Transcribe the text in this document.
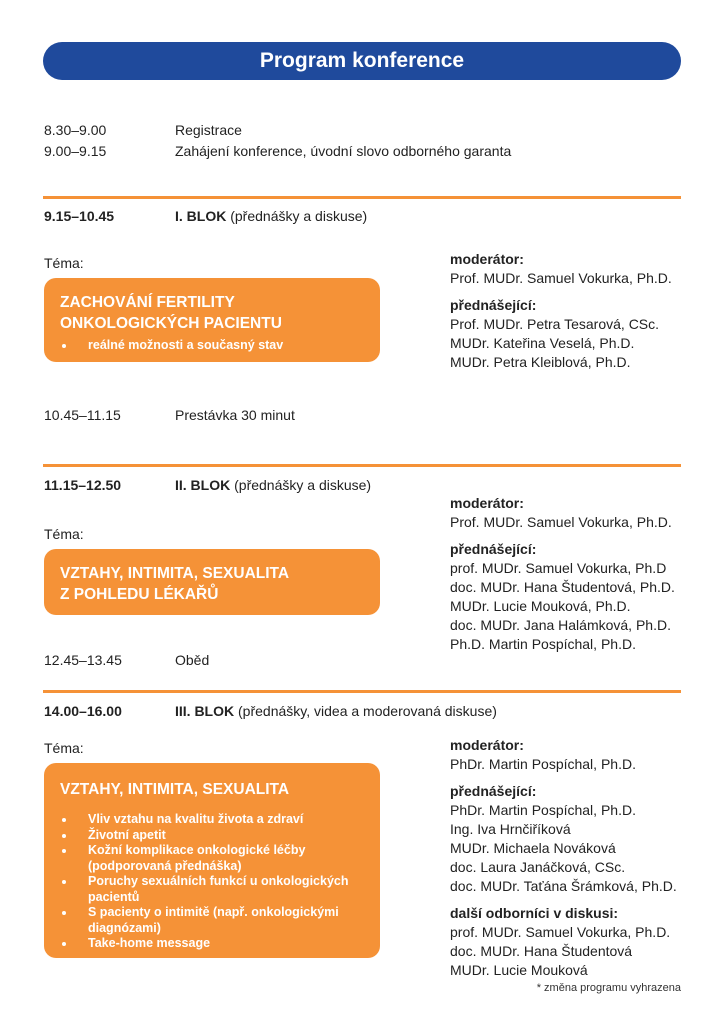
Program konference
8.30–9.00	Registrace
9.00–9.15	Zahájení konference, úvodní slovo odborného garanta
9.15–10.45	I. BLOK (přednášky a diskuse)
Téma:
ZACHOVÁNÍ FERTILITY
ONKOLOGICKÝCH PACIENTU
• reálné možnosti a současný stav
moderátor:
Prof. MUDr. Samuel Vokurka, Ph.D.
přednášející:
Prof. MUDr. Petra Tesarová, CSc.
MUDr. Kateřina Veselá, Ph.D.
MUDr. Petra Kleiblová, Ph.D.
10.45–11.15	Prestávka 30 minut
11.15–12.50	II. BLOK (přednášky a diskuse)
Téma:
VZTAHY, INTIMITA, SEXUALITA
Z POHLEDU LÉKAŘŮ
moderátor:
Prof. MUDr. Samuel Vokurka, Ph.D.
přednášející:
prof. MUDr. Samuel Vokurka, Ph.D
doc. MUDr. Hana Študentová, Ph.D.
MUDr. Lucie Mouková, Ph.D.
doc. MUDr. Jana Halámková, Ph.D.
Ph.D. Martin Pospíchal, Ph.D.
12.45–13.45	Oběd
14.00–16.00	III. BLOK (přednášky, videa a moderovaná diskuse)
Téma:
VZTAHY, INTIMITA, SEXUALITA
• Vliv vztahu na kvalitu života a zdraví
• Životní apetit
• Kožní komplikace onkologické léčby (podporovaná přednáška)
• Poruchy sexuálních funkcí u onkologických pacientů
• S pacienty o intimitě (např. onkologickými diagnózami)
• Take-home message
moderátor:
PhDr. Martin Pospíchal, Ph.D.
přednášející:
PhDr. Martin Pospíchal, Ph.D.
Ing. Iva Hrnčiříková
MUDr. Michaela Nováková
doc. Laura Janáčková, CSc.
doc. MUDr. Taťána Šrámková, Ph.D.
další odborníci v diskusi:
prof. MUDr. Samuel Vokurka, Ph.D.
doc. MUDr. Hana Študentová
MUDr. Lucie Mouková
* změna programu vyhrazena
